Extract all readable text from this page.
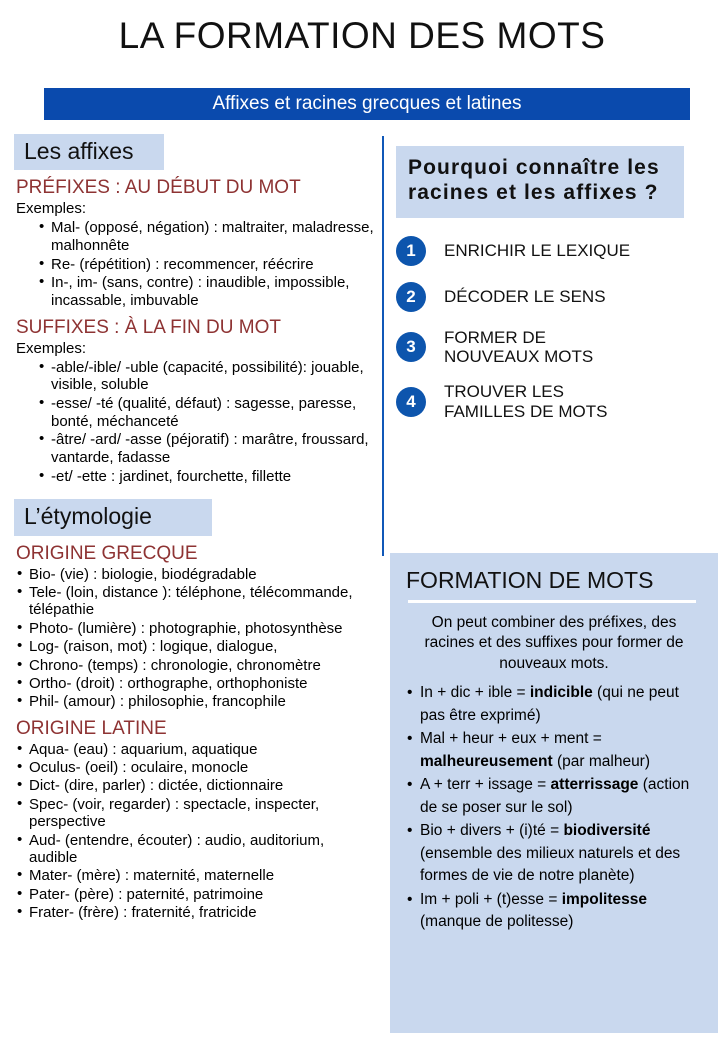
LA FORMATION DES MOTS
Affixes et racines grecques et latines
Les affixes
PRÉFIXES : AU DÉBUT DU MOT
Exemples:
• Mal- (opposé, négation) : maltraiter, maladresse, malhonnête
• Re- (répétition) : recommencer, réécrire
• In-, im- (sans, contre) : inaudible, impossible, incassable, imbuvable
SUFFIXES : À LA FIN DU MOT
Exemples:
• -able/-ible/ -uble (capacité, possibilité): jouable, visible, soluble
• -esse/ -té (qualité, défaut) : sagesse, paresse, bonté, méchanceté
• -âtre/ -ard/ -asse (péjoratif) : marâtre, froussard, vantarde, fadasse
• -et/ -ette : jardinet, fourchette, fillette
L’étymologie
ORIGINE GRECQUE
• Bio- (vie) : biologie, biodégradable
• Tele- (loin, distance ): téléphone, télécommande, télépathie
• Photo- (lumière) : photographie, photosynthèse
• Log- (raison, mot) : logique, dialogue,
• Chrono- (temps) : chronologie, chronomètre
• Ortho- (droit) : orthographe, orthophoniste
• Phil- (amour) : philosophie, francophile
ORIGINE LATINE
• Aqua- (eau) : aquarium, aquatique
• Oculus- (oeil) : oculaire, monocle
• Dict- (dire, parler) : dictée, dictionnaire
• Spec- (voir, regarder) : spectacle, inspecter, perspective
• Aud- (entendre, écouter) : audio, auditorium, audible
• Mater- (mère) : maternité, maternelle
• Pater- (père) : paternité, patrimoine
• Frater- (frère) : fraternité, fratricide
Pourquoi connaître les racines et les affixes ?
1	ENRICHIR LE LEXIQUE
2	DÉCODER LE SENS
3	FORMER DE NOUVEAUX MOTS
4	TROUVER LES FAMILLES DE MOTS
FORMATION DE MOTS
On peut combiner des préfixes, des racines et des suffixes pour former de nouveaux mots.
• In + dic + ible = indicible (qui ne peut pas être exprimé)
• Mal + heur + eux + ment = malheureusement (par malheur)
• A + terr + issage = atterrissage (action de se poser sur le sol)
• Bio + divers + (i)té = biodiversité (ensemble des milieux naturels et des formes de vie de notre planète)
• Im + poli + (t)esse = impolitesse (manque de politesse)
